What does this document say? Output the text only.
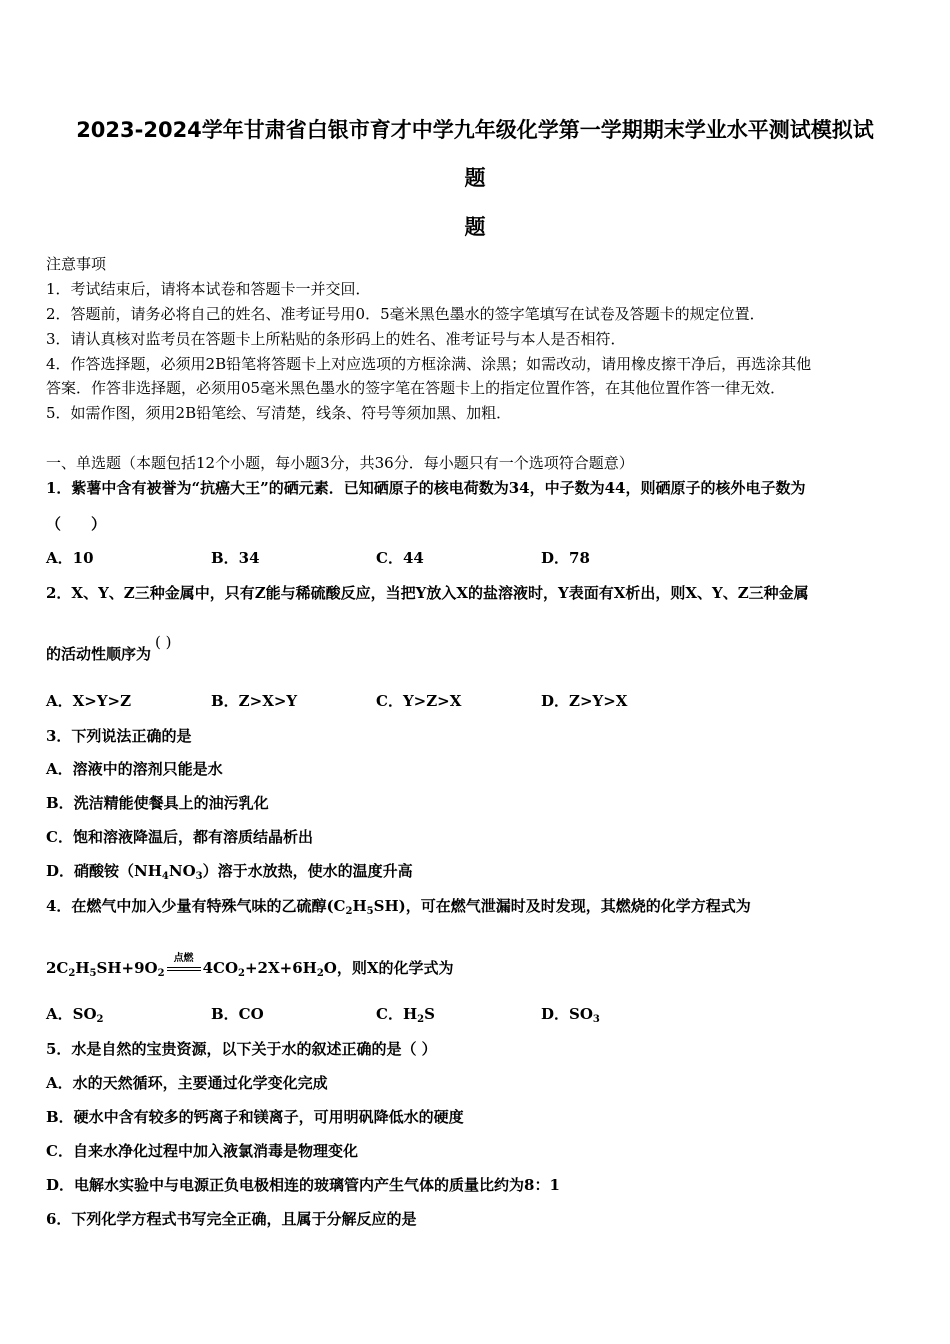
2023-2024学年甘肃省白银市育才中学九年级化学第一学期期末学业水平测试模拟试
题
题
注意事项
1．考试结束后，请将本试卷和答题卡一并交回．
2．答题前，请务必将自己的姓名、准考证号用0．5毫米黑色墨水的签字笔填写在试卷及答题卡的规定位置．
3．请认真核对监考员在答题卡上所粘贴的条形码上的姓名、准考证号与本人是否相符．
4．作答选择题，必须用2B铅笔将答题卡上对应选项的方框涂满、涂黑；如需改动，请用橡皮擦干净后，再选涂其他
答案．作答非选择题，必须用05毫米黑色墨水的签字笔在答题卡上的指定位置作答，在其他位置作答一律无效．
5．如需作图，须用2B铅笔绘、写清楚，线条、符号等须加黑、加粗．
一、单选题（本题包括12个小题，每小题3分，共36分．每小题只有一个选项符合题意）
1．紫薯中含有被誉为“抗癌大王”的硒元素．已知硒原子的核电荷数为34，中子数为44，则硒原子的核外电子数为
（　　）
A．10	B．34	C．44	D．78
2．X、Y、Z三种金属中，只有Z能与稀硫酸反应，当把Y放入X的盐溶液时，Y表面有X析出，则X、Y、Z三种金属
的活动性顺序为( )
A．X>Y>Z	B．Z>X>Y	C．Y>Z>X	D．Z>Y>X
3．下列说法正确的是
A．溶液中的溶剂只能是水
B．洗洁精能使餐具上的油污乳化
C．饱和溶液降温后，都有溶质结晶析出
D．硝酸铵$(NH_4NO_3)$溶于水放热，使水的温度升高
4．在燃气中加入少量有特殊气味的乙硫醇$(C_2H_5SH)$，可在燃气泄漏时及时发现，其燃烧的化学方程式为
$2C_2H_5SH+9O_2$
点燃
$4CO_2+2X+6H_2O$，则X的化学式为
A．$SO_2$	B．CO	C．$H_2S$	D．$SO_3$
5．水是自然的宝贵资源，以下关于水的叙述正确的是（ ）
A．水的天然循环，主要通过化学变化完成
B．硬水中含有较多的钙离子和镁离子，可用明矾降低水的硬度
C．自来水净化过程中加入液氯消毒是物理变化
D．电解水实验中与电源正负电极相连的玻璃管内产生气体的质量比约为8：1
6．下列化学方程式书写完全正确，且属于分解反应的是
